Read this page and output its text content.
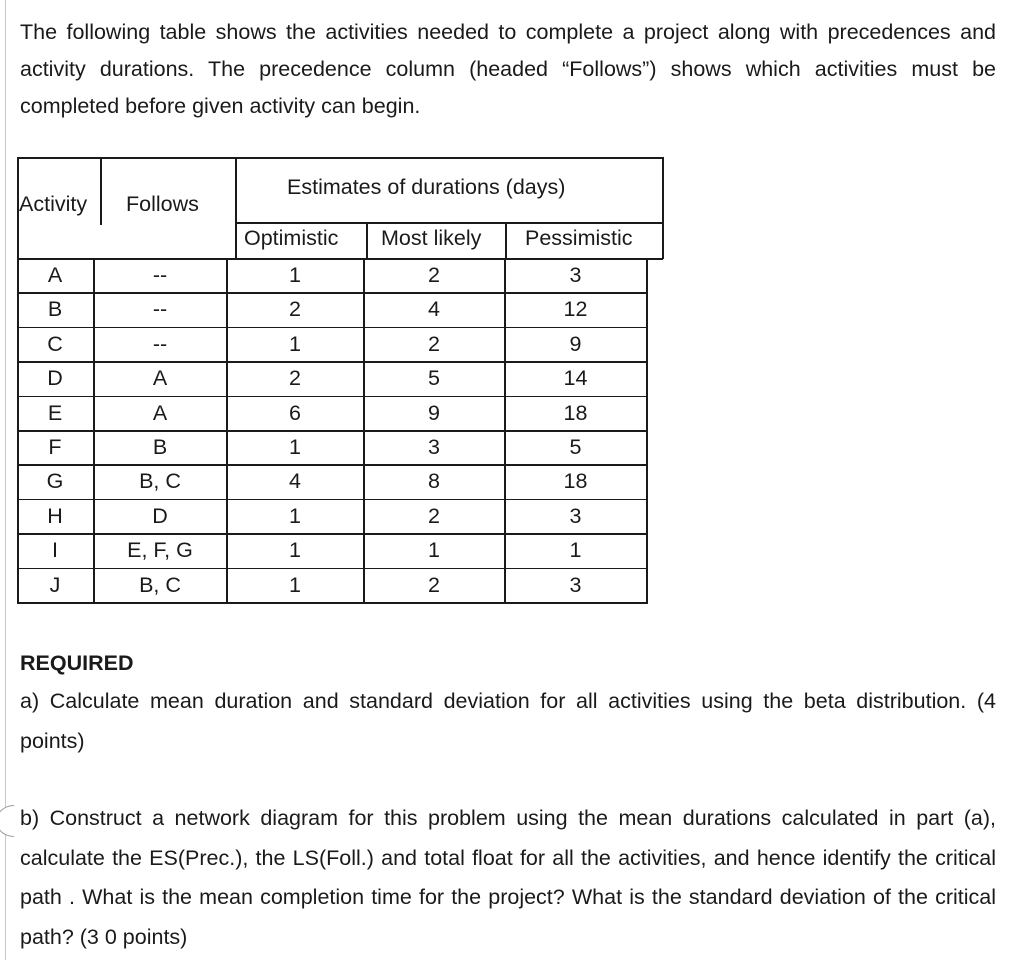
The following table shows the activities needed to complete a project along with precedences and activity durations. The precedence column (headed “Follows”) shows which activities must be completed before given activity can begin.

Activity Follows
Estimates of durations (days)
Optimistic Most likely Pessimistic
A	--	1	2	3
B	--	2	4	12
C	--	1	2	9
D	A	2	5	14
E	A	6	9	18
F	B	1	3	5
G	B, C	4	8	18
H	D	1	2	3
I	E, F, G	1	1	1
J	B, C	1	2	3

REQUIRED

a) Calculate mean duration and standard deviation for all activities using the beta distribution. (4 points)

b) Construct a network diagram for this problem using the mean durations calculated in part (a), calculate the ES(Prec.), the LS(Foll.) and total float for all the activities, and hence identify the critical path . What is the mean completion time for the project? What is the standard deviation of the critical path? (3 0 points)
